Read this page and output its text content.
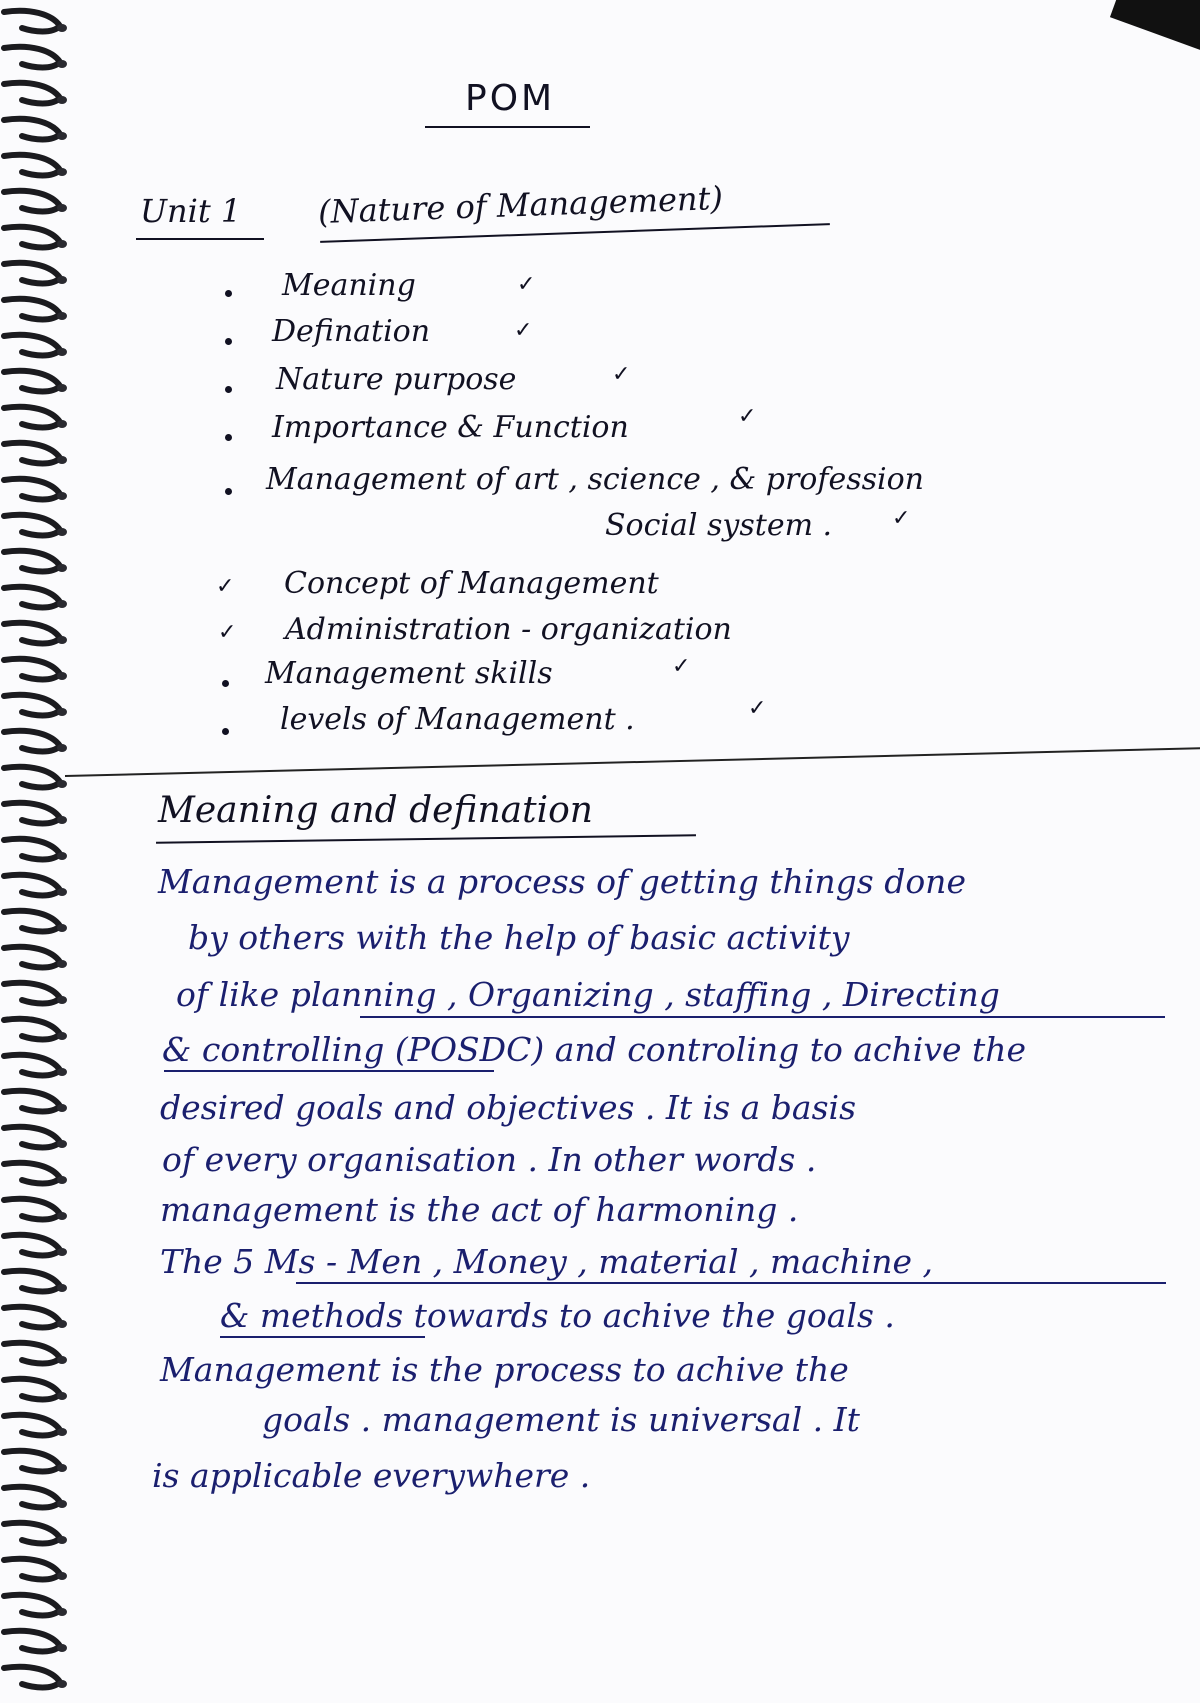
POM
Unit 1 (Nature of Management)
Meaning	✓
Defination	✓
Nature purpose	✓
Importance & Function	✓
Management of art , science , & profession
Social system .	✓
✓ Concept of Management
✓ Administration - organization
Management skills	✓
levels of Management .	✓
Meaning and defination
Management is a process of getting things done
by others with the help of basic activity
of like planning , Organizing , staffing , Directing
& controlling (POSDC) and controling to achive the
desired goals and objectives . It is a basis
of every organisation . In other words .
management is the act of harmoning .
The 5 Ms - Men , Money , material , machine ,
& methods towards to achive the goals .
Management is the process to achive the
goals . management is universal . It
is applicable everywhere .
